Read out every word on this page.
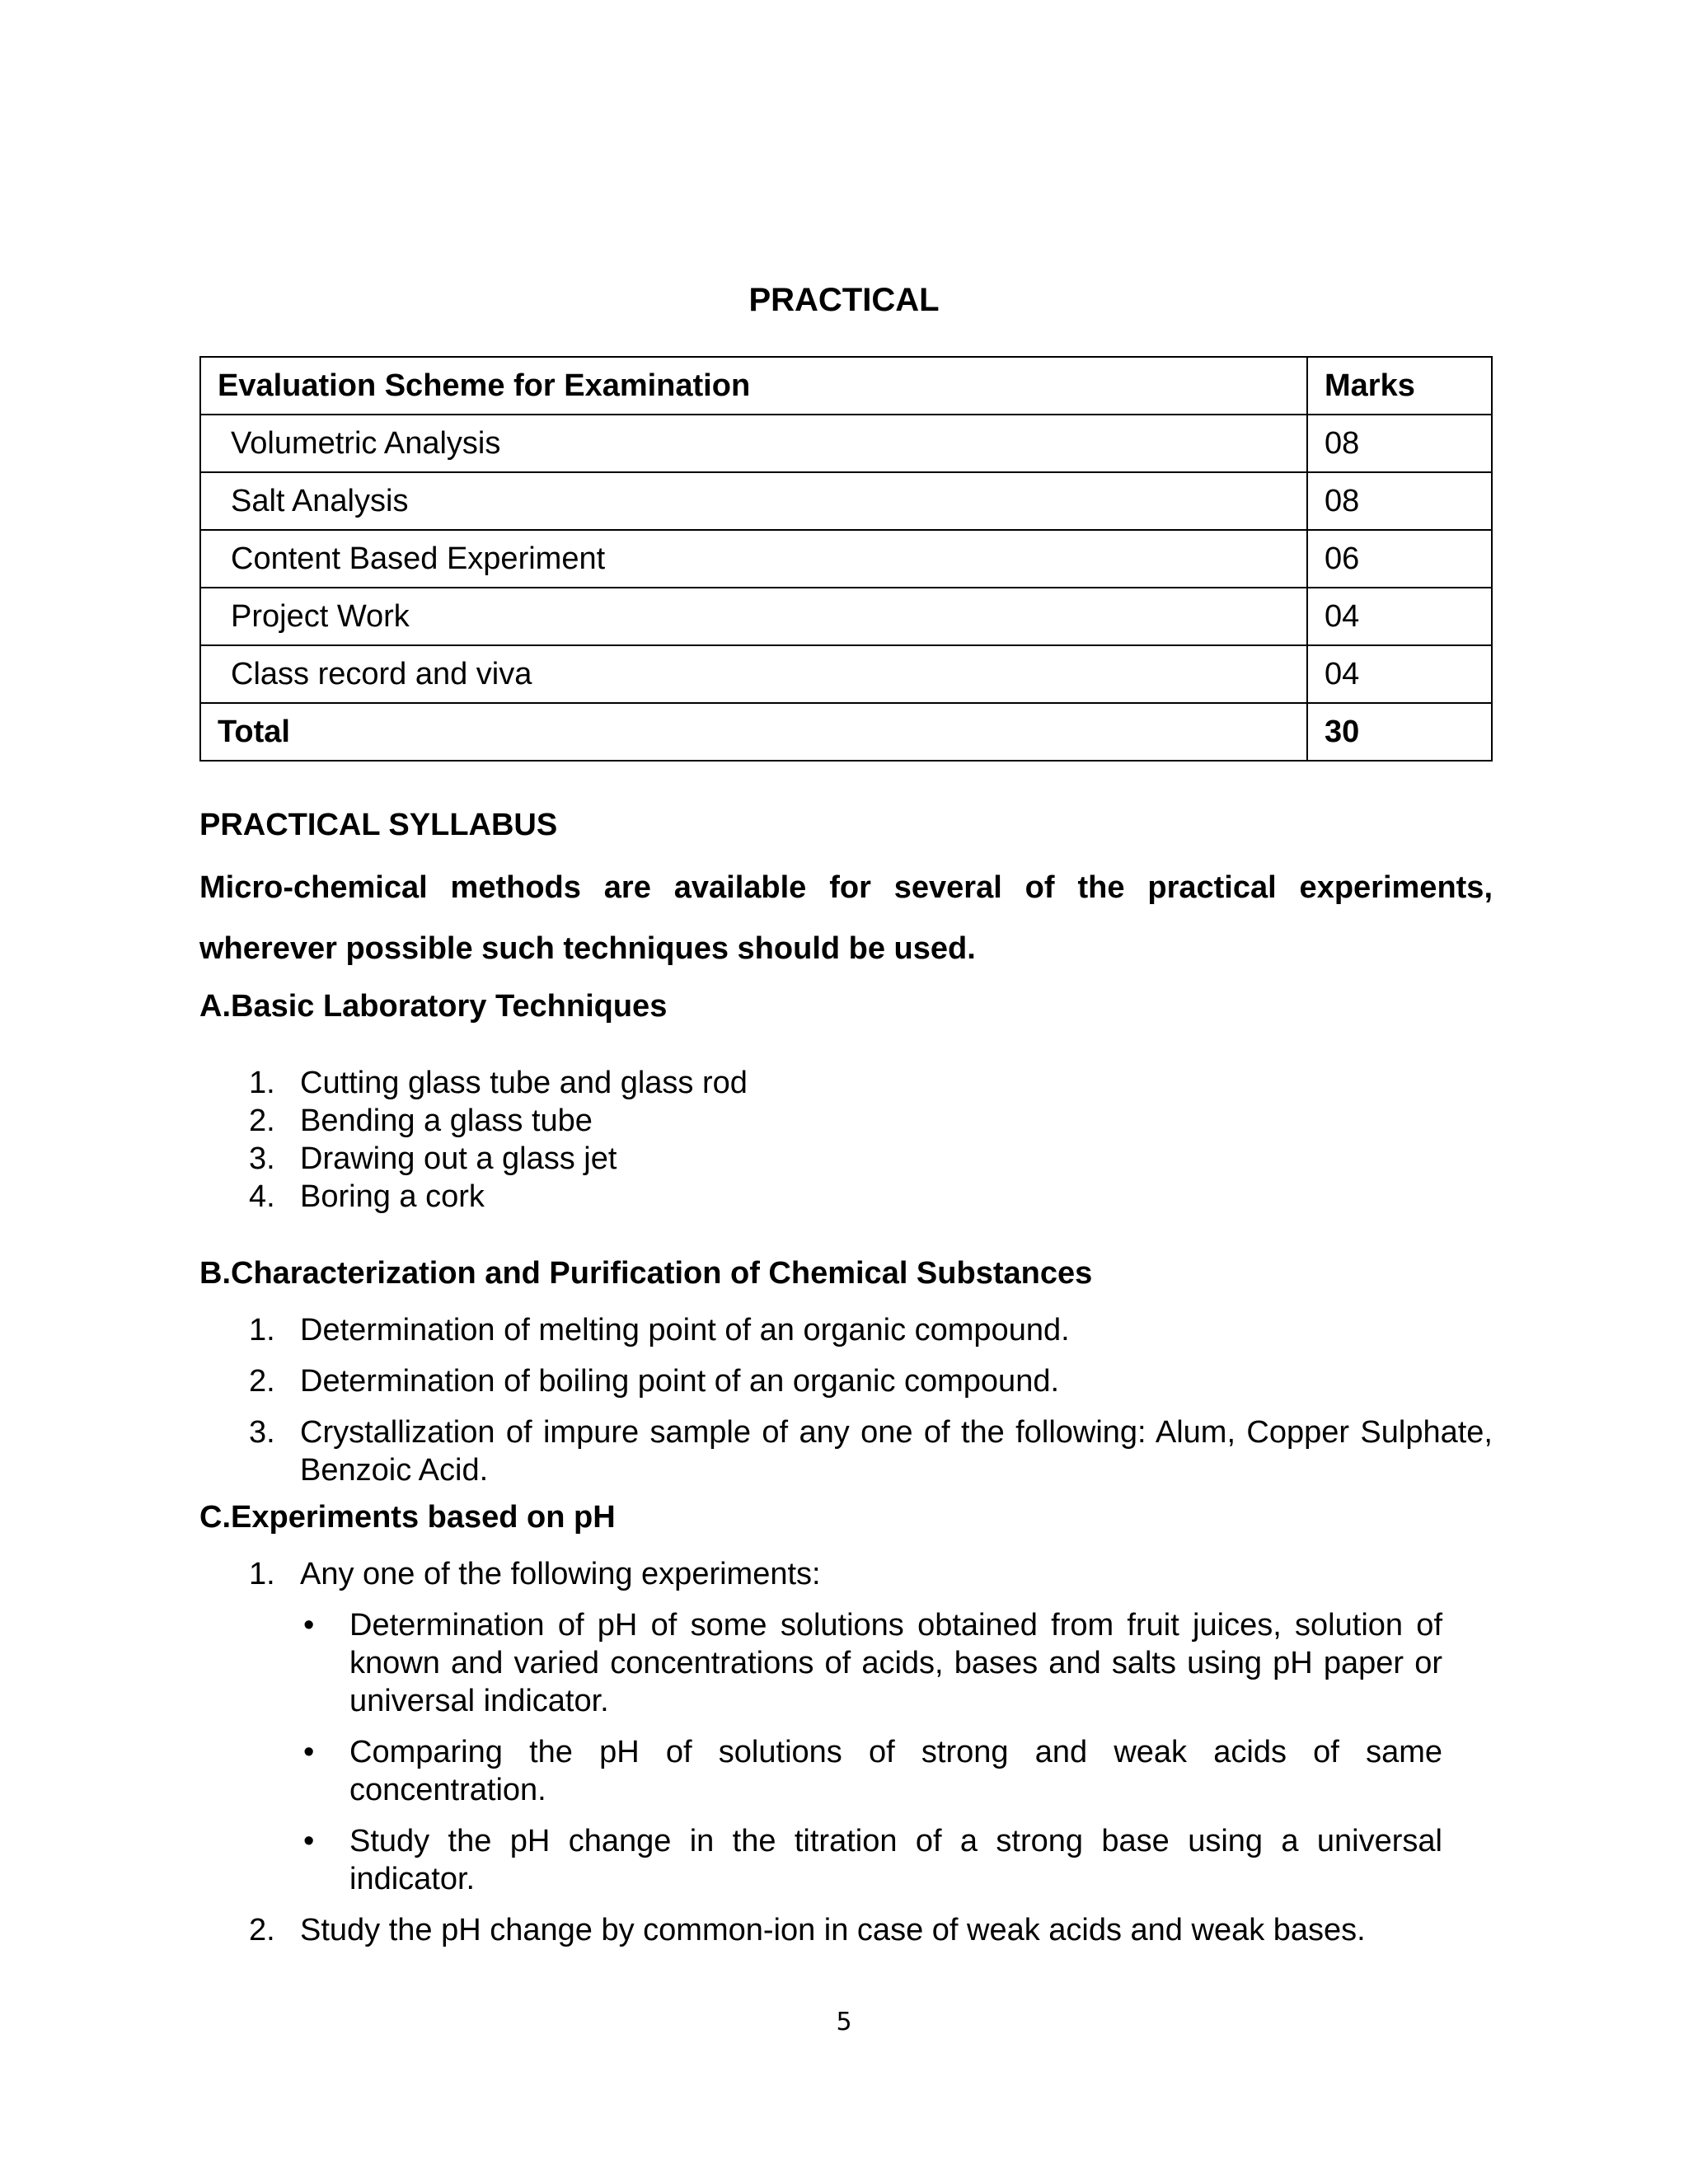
PRACTICAL
Evaluation Scheme for Examination	Marks
Volumetric Analysis	08
Salt Analysis	08
Content Based Experiment	06
Project Work	04
Class record and viva	04
Total	30
PRACTICAL SYLLABUS
Micro-chemical methods are available for several of the practical experiments, wherever possible such techniques should be used.
A.Basic Laboratory Techniques
1. Cutting glass tube and glass rod
2. Bending a glass tube
3. Drawing out a glass jet
4. Boring a cork
B.Characterization and Purification of Chemical Substances
1. Determination of melting point of an organic compound.
2. Determination of boiling point of an organic compound.
3. Crystallization of impure sample of any one of the following: Alum, Copper Sulphate, Benzoic Acid.
C.Experiments based on pH
1. Any one of the following experiments:
• Determination of pH of some solutions obtained from fruit juices, solution of known and varied concentrations of acids, bases and salts using pH paper or universal indicator.
• Comparing the pH of solutions of strong and weak acids of same concentration.
• Study the pH change in the titration of a strong base using a universal indicator.
2. Study the pH change by common-ion in case of weak acids and weak bases.
5
